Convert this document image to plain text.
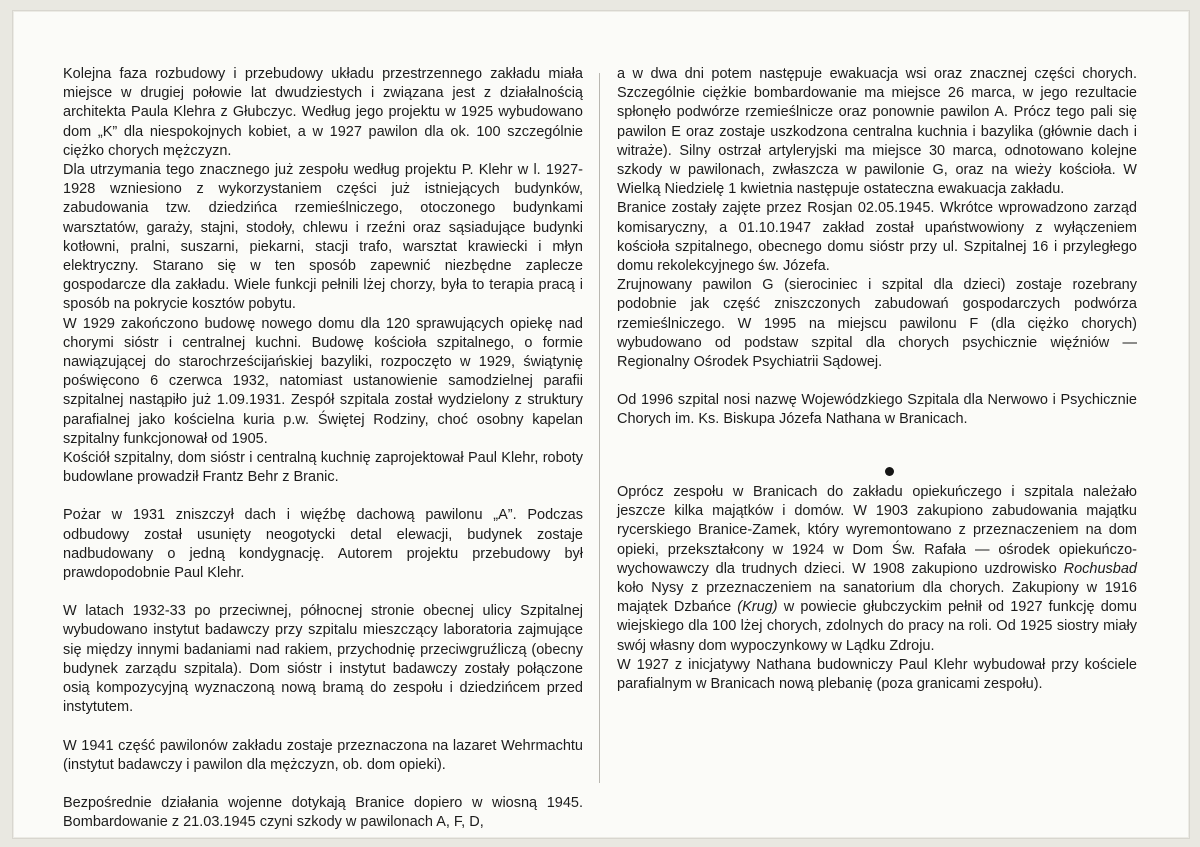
Kolejna faza rozbudowy i przebudowy układu przestrzennego zakładu miała miejsce w drugiej połowie lat dwudziestych i związana jest z działalnością architekta Paula Klehra z Głubczyc. Według jego projektu w 1925 wybudowano dom „K” dla niespokojnych kobiet, a w 1927 pawilon dla ok. 100 szczególnie ciężko chorych mężczyzn.

Dla utrzymania tego znacznego już zespołu według projektu P. Klehr w l. 1927-1928 wzniesiono z wykorzystaniem części już istniejących budynków, zabudowania tzw. dziedzińca rzemieślniczego, otoczonego budynkami warsztatów, garaży, stajni, stodoły, chlewu i rzeźni oraz sąsiadujące budynki kotłowni, pralni, suszarni, piekarni, stacji trafo, warsztat krawiecki i młyn elektryczny. Starano się w ten sposób zapewnić niezbędne zaplecze gospodarcze dla zakładu. Wiele funkcji pełnili lżej chorzy, była to terapia pracą i sposób na pokrycie kosztów pobytu.

W 1929 zakończono budowę nowego domu dla 120 sprawujących opiekę nad chorymi sióstr i centralnej kuchni. Budowę kościoła szpitalnego, o formie nawiązującej do starochrześcijańskiej bazyliki, rozpoczęto w 1929, świątynię poświęcono 6 czerwca 1932, natomiast ustanowienie samodzielnej parafii szpitalnej nastąpiło już 1.09.1931. Zespół szpitala został wydzielony z struktury parafialnej jako kościelna kuria p.w. Świętej Rodziny, choć osobny kapelan szpitalny funkcjonował od 1905.

Kościół szpitalny, dom sióstr i centralną kuchnię zaprojektował Paul Klehr, roboty budowlane prowadził Frantz Behr z Branic.

Pożar w 1931 zniszczył dach i więźbę dachową pawilonu „A”. Podczas odbudowy został usunięty neogotycki detal elewacji, budynek zostaje nadbudowany o jedną kondygnację. Autorem projektu przebudowy był prawdopodobnie Paul Klehr.

W latach 1932-33 po przeciwnej, północnej stronie obecnej ulicy Szpitalnej wybudowano instytut badawczy przy szpitalu mieszczący laboratoria zajmujące się między innymi badaniami nad rakiem, przychodnię przeciwgruźliczą (obecny budynek zarządu szpitala). Dom sióstr i instytut badawczy zostały połączone osią kompozycyjną wyznaczoną nową bramą do zespołu i dziedzińcem przed instytutem.

W 1941 część pawilonów zakładu zostaje przeznaczona na lazaret Wehrmachtu (instytut badawczy i pawilon dla mężczyzn, ob. dom opieki).

Bezpośrednie działania wojenne dotykają Branice dopiero w wiosną 1945. Bombardowanie z 21.03.1945 czyni szkody w pawilonach A, F, D,

a w dwa dni potem następuje ewakuacja wsi oraz znacznej części chorych. Szczególnie ciężkie bombardowanie ma miejsce 26 marca, w jego rezultacie spłonęło podwórze rzemieślnicze oraz ponownie pawilon A. Prócz tego pali się pawilon E oraz zostaje uszkodzona centralna kuchnia i bazylika (głównie dach i witraże). Silny ostrzał artyleryjski ma miejsce 30 marca, odnotowano kolejne szkody w pawilonach, zwłaszcza w pawilonie G, oraz na wieży kościoła. W Wielką Niedzielę 1 kwietnia następuje ostateczna ewakuacja zakładu.

Branice zostały zajęte przez Rosjan 02.05.1945. Wkrótce wprowadzono zarząd komisaryczny, a 01.10.1947 zakład został upaństwowiony z wyłączeniem kościoła szpitalnego, obecnego domu sióstr przy ul. Szpitalnej 16 i przyległego domu rekolekcyjnego św. Józefa.

Zrujnowany pawilon G (sierociniec i szpital dla dzieci) zostaje rozebrany podobnie jak część zniszczonych zabudowań gospodarczych podwórza rzemieślniczego. W 1995 na miejscu pawilonu F (dla ciężko chorych) wybudowano od podstaw szpital dla chorych psychicznie więźniów — Regionalny Ośrodek Psychiatrii Sądowej.

Od 1996 szpital nosi nazwę Wojewódzkiego Szpitala dla Nerwowo i Psychicznie Chorych im. Ks. Biskupa Józefa Nathana w Branicach.

Oprócz zespołu w Branicach do zakładu opiekuńczego i szpitala należało jeszcze kilka majątków i domów. W 1903 zakupiono zabudowania majątku rycerskiego Branice-Zamek, który wyremontowano z przeznaczeniem na dom opieki, przekształcony w 1924 w Dom Św. Rafała — ośrodek opiekuńczo-wychowawczy dla trudnych dzieci. W 1908 zakupiono uzdrowisko Rochusbad koło Nysy z przeznaczeniem na sanatorium dla chorych. Zakupiony w 1916 majątek Dzbańce (Krug) w powiecie głubczyckim pełnił od 1927 funkcję domu wiejskiego dla 100 lżej chorych, zdolnych do pracy na roli. Od 1925 siostry miały swój własny dom wypoczynkowy w Lądku Zdroju.

W 1927 z inicjatywy Nathana budowniczy Paul Klehr wybudował przy kościele parafialnym w Branicach nową plebanię (poza granicami zespołu).
